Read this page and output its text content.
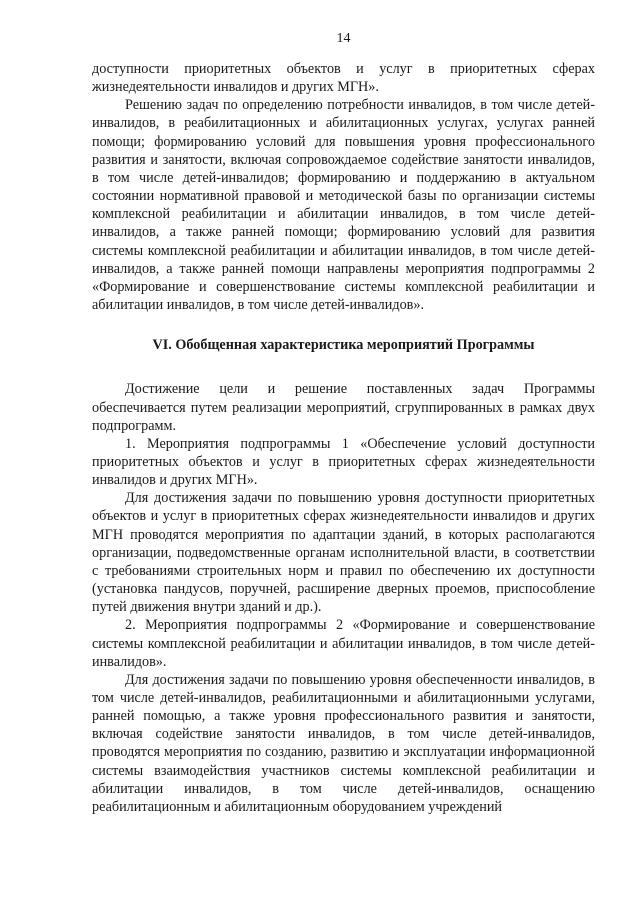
14

доступности приоритетных объектов и услуг в приоритетных сферах жизнедеятельности инвалидов и других МГН».

Решению задач по определению потребности инвалидов, в том числе детей-инвалидов, в реабилитационных и абилитационных услугах, услугах ранней помощи; формированию условий для повышения уровня профессионального развития и занятости, включая сопровождаемое содействие занятости инвалидов, в том числе детей-инвалидов; формированию и поддержанию в актуальном состоянии нормативной правовой и методической базы по организации системы комплексной реабилитации и абилитации инвалидов, в том числе детей-инвалидов, а также ранней помощи; формированию условий для развития системы комплексной реабилитации и абилитации инвалидов, в том числе детей-инвалидов, а также ранней помощи направлены мероприятия подпрограммы 2 «Формирование и совершенствование системы комплексной реабилитации и абилитации инвалидов, в том числе детей-инвалидов».

VI. Обобщенная характеристика мероприятий Программы

Достижение цели и решение поставленных задач Программы обеспечивается путем реализации мероприятий, сгруппированных в рамках двух подпрограмм.

1. Мероприятия подпрограммы 1 «Обеспечение условий доступности приоритетных объектов и услуг в приоритетных сферах жизнедеятельности инвалидов и других МГН».

Для достижения задачи по повышению уровня доступности приоритетных объектов и услуг в приоритетных сферах жизнедеятельности инвалидов и других МГН проводятся мероприятия по адаптации зданий, в которых располагаются организации, подведомственные органам исполнительной власти, в соответствии с требованиями строительных норм и правил по обеспечению их доступности (установка пандусов, поручней, расширение дверных проемов, приспособление путей движения внутри зданий и др.).

2. Мероприятия подпрограммы 2 «Формирование и совершенствование системы комплексной реабилитации и абилитации инвалидов, в том числе детей-инвалидов».

Для достижения задачи по повышению уровня обеспеченности инвалидов, в том числе детей-инвалидов, реабилитационными и абилитационными услугами, ранней помощью, а также уровня профессионального развития и занятости, включая содействие занятости инвалидов, в том числе детей-инвалидов, проводятся мероприятия по созданию, развитию и эксплуатации информационной системы взаимодействия участников системы комплексной реабилитации и абилитации инвалидов, в том числе детей-инвалидов, оснащению реабилитационным и абилитационным оборудованием учреждений
